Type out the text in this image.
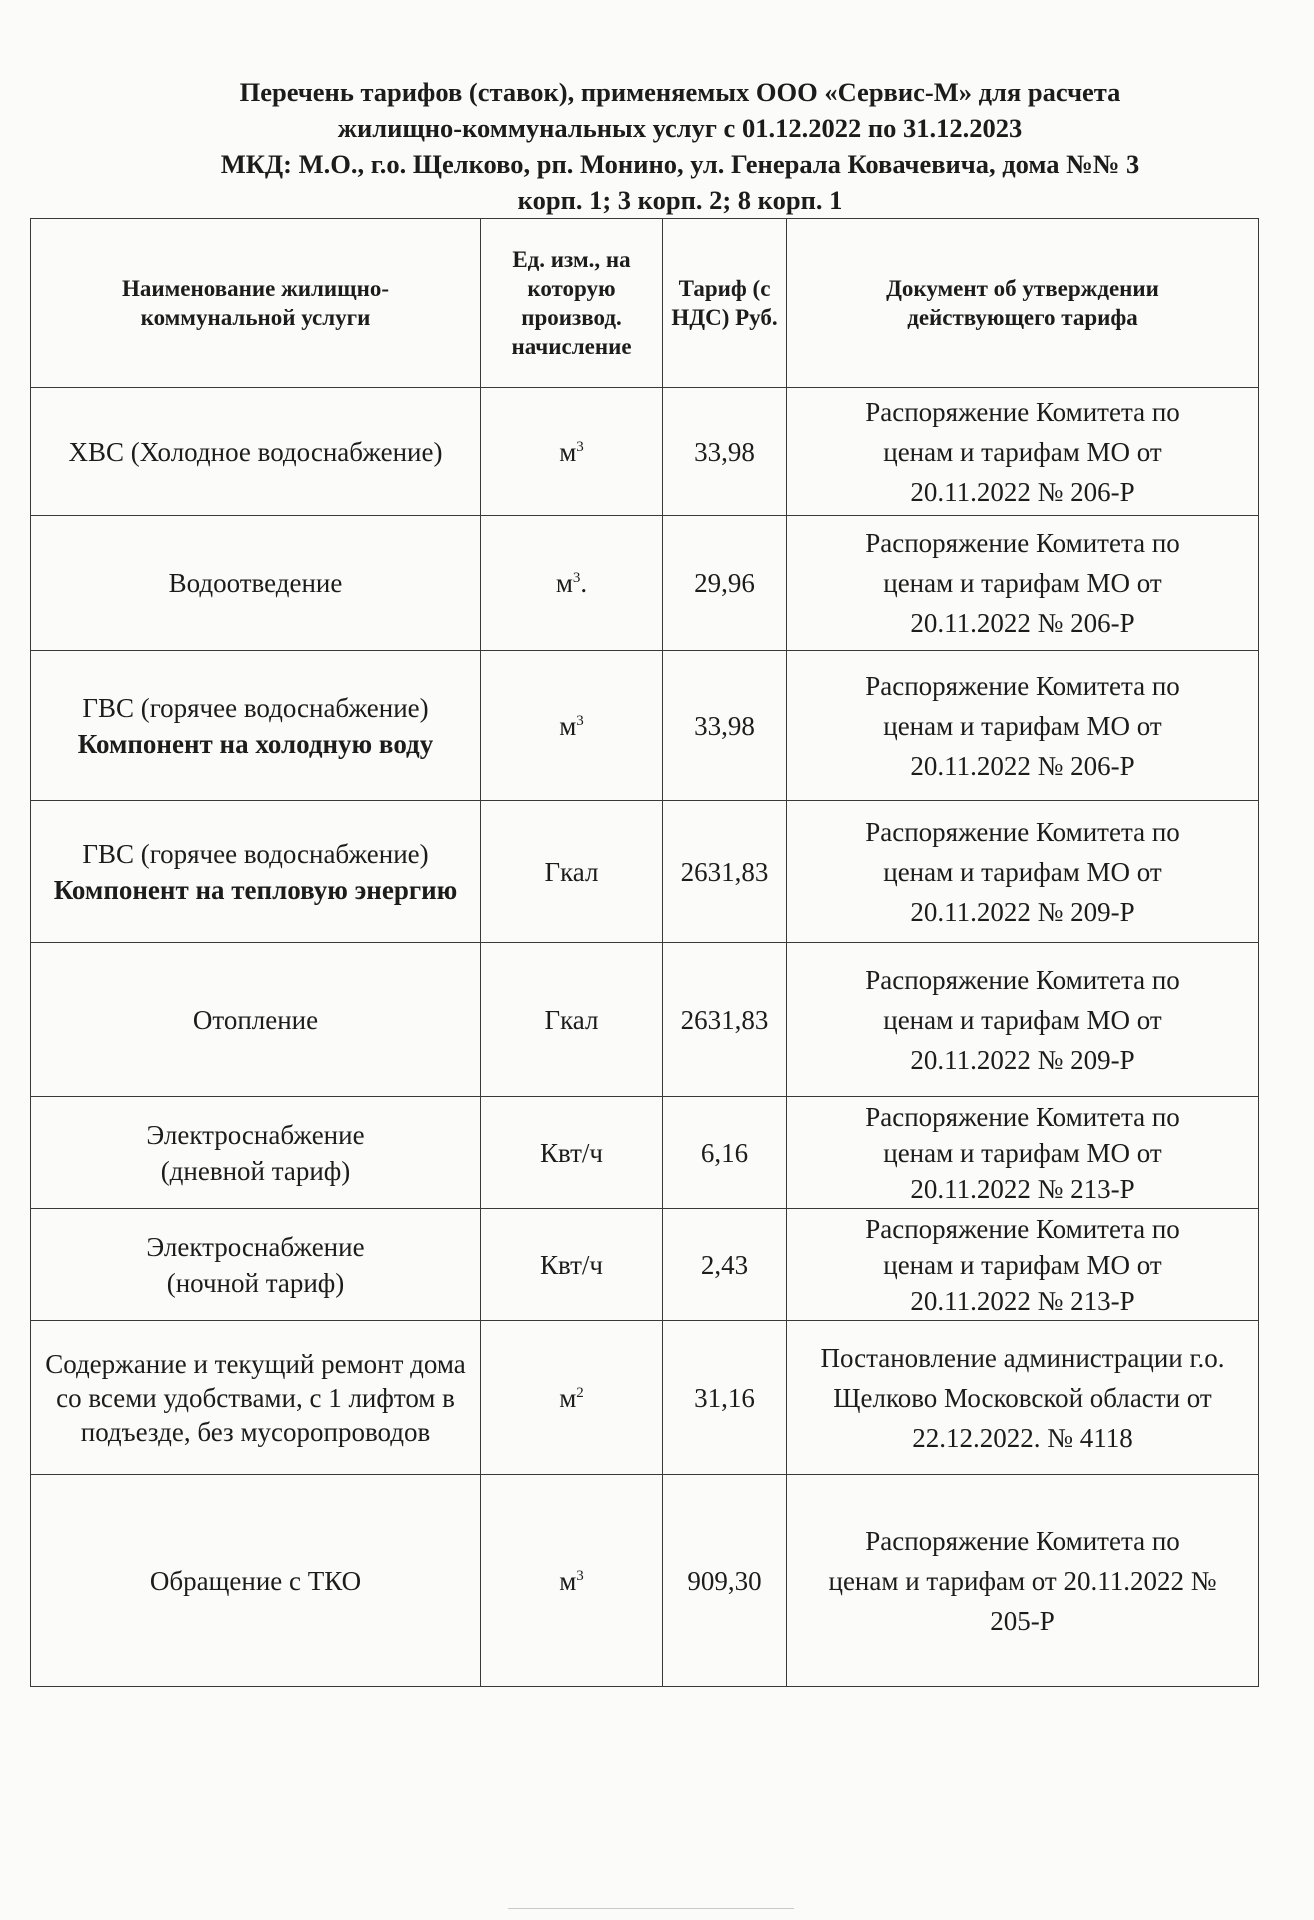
Перечень тарифов (ставок), применяемых ООО «Сервис-М» для расчета
жилищно-коммунальных услуг с 01.12.2022 по 31.12.2023
МКД: М.О., г.о. Щелково, рп. Монино, ул. Генерала Ковачевича, дома №№ 3
корп. 1; 3 корп. 2; 8 корп. 1
Наименование жилищно-коммунальной услуги	Ед. изм., на которую производ. начисление	Тариф (с НДС) Руб.	Документ об утверждении действующего тарифа

ХВС (Холодное водоснабжение)	$м^3$	33,98	Распоряжение Комитета по ценам и тарифам МО от 20.11.2022 № 206-Р

Водоотведение	$м^3$.	29,96	Распоряжение Комитета по ценам и тарифам МО от 20.11.2022 № 206-Р

ГВС (горячее водоснабжение)
Компонент на холодную воду	$м^3$	33,98	Распоряжение Комитета по ценам и тарифам МО от 20.11.2022 № 206-Р

ГВС (горячее водоснабжение)
Компонент на тепловую энергию	Гкал	2631,83	Распоряжение Комитета по ценам и тарифам МО от 20.11.2022 № 209-Р

Отопление	Гкал	2631,83	Распоряжение Комитета по ценам и тарифам МО от 20.11.2022 № 209-Р

Электроснабжение (дневной тариф)	Квт/ч	6,16	Распоряжение Комитета по ценам и тарифам МО от 20.11.2022 № 213-Р

Электроснабжение (ночной тариф)	Квт/ч	2,43	Распоряжение Комитета по ценам и тарифам МО от 20.11.2022 № 213-Р

Содержание и текущий ремонт дома со всеми удобствами, с 1 лифтом в подъезде, без мусоропроводов	$м^2$	31,16	Постановление администрации г.о. Щелково Московской области от 22.12.2022. № 4118

Обращение с ТКО	$м^3$	909,30	Распоряжение Комитета по ценам и тарифам от 20.11.2022 № 205-Р
